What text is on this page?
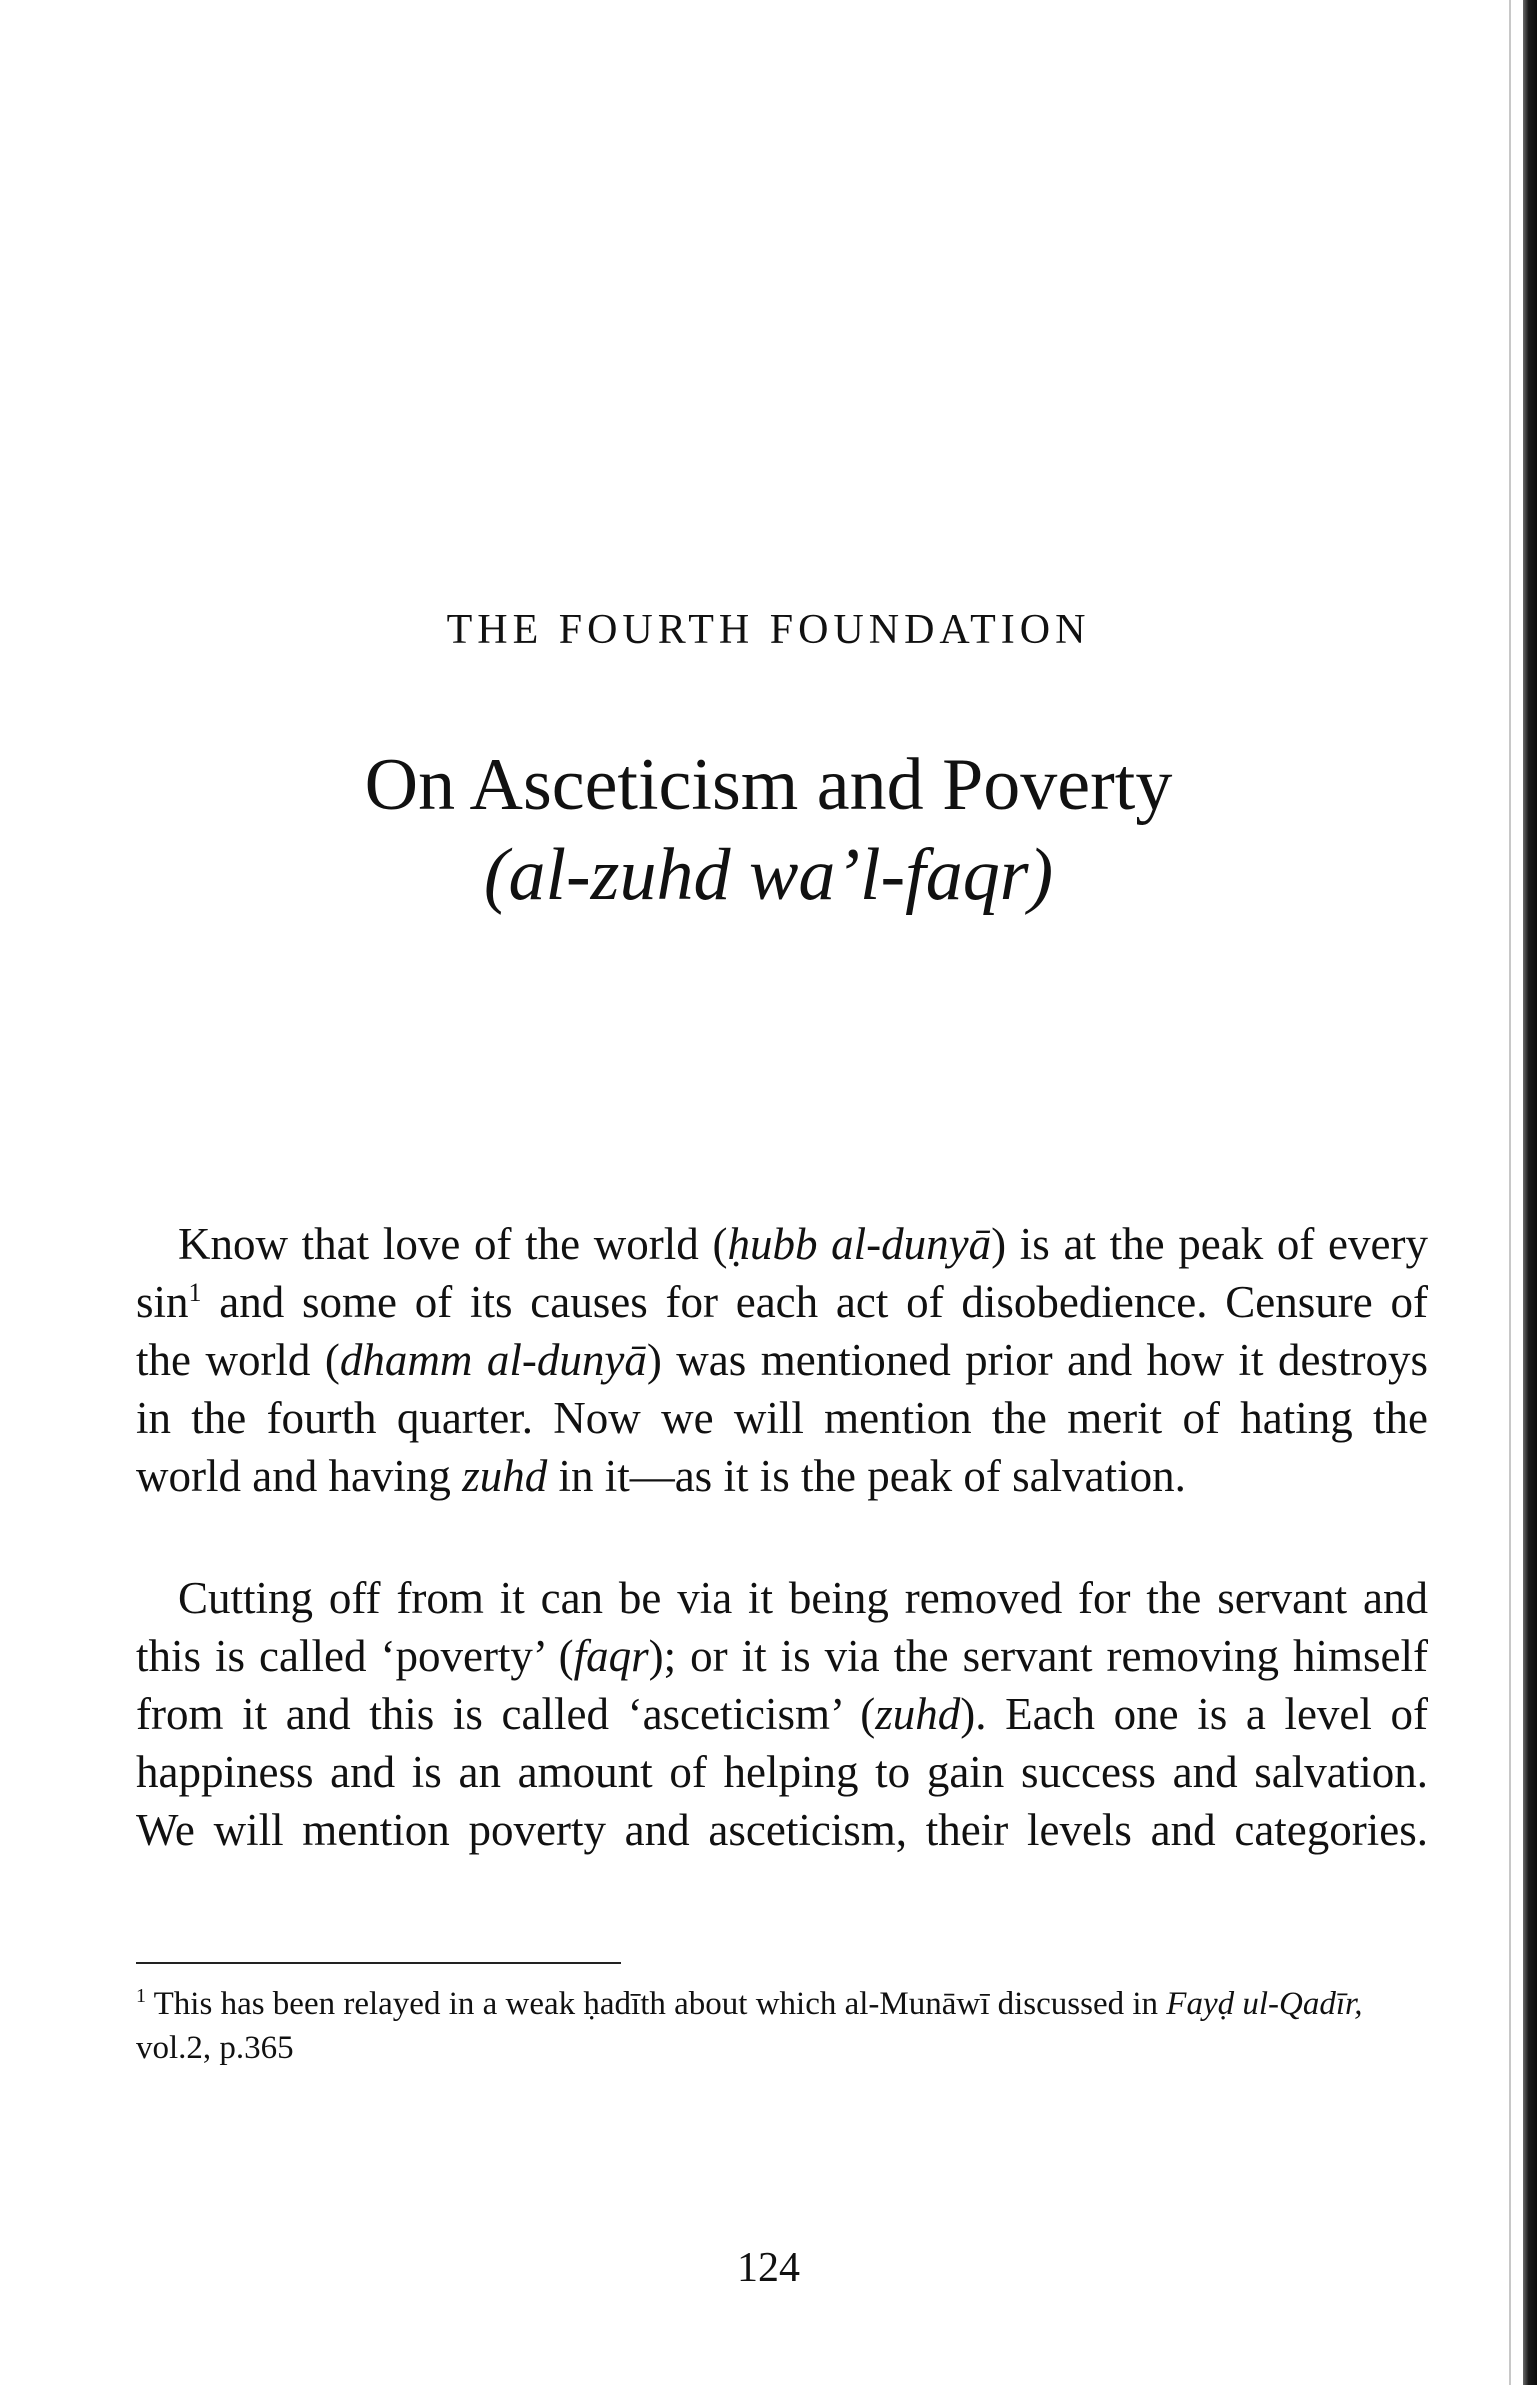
THE FOURTH FOUNDATION
On Asceticism and Poverty
(al-zuhd wa’l-faqr)
Know that love of the world (ḥubb al-dunyā) is at the peak of every
$\sin^1$ and some of its causes for each act of disobedience. Censure of
the world (dhamm al-dunyā) was mentioned prior and how it destroys
in the fourth quarter. Now we will mention the merit of hating the
world and having zuhd in it—as it is the peak of salvation.
Cutting off from it can be via it being removed for the servant and
this is called ‘poverty’ (faqr); or it is via the servant removing himself
from it and this is called ‘asceticism’ (zuhd). Each one is a level of
happiness and is an amount of helping to gain success and salvation.
We will mention poverty and asceticism, their levels and categories.
$^1$ This has been relayed in a weak ḥadīth about which al-Munāwī discussed in Fayḍ ul-Qadīr,
vol.2, p.365
124
